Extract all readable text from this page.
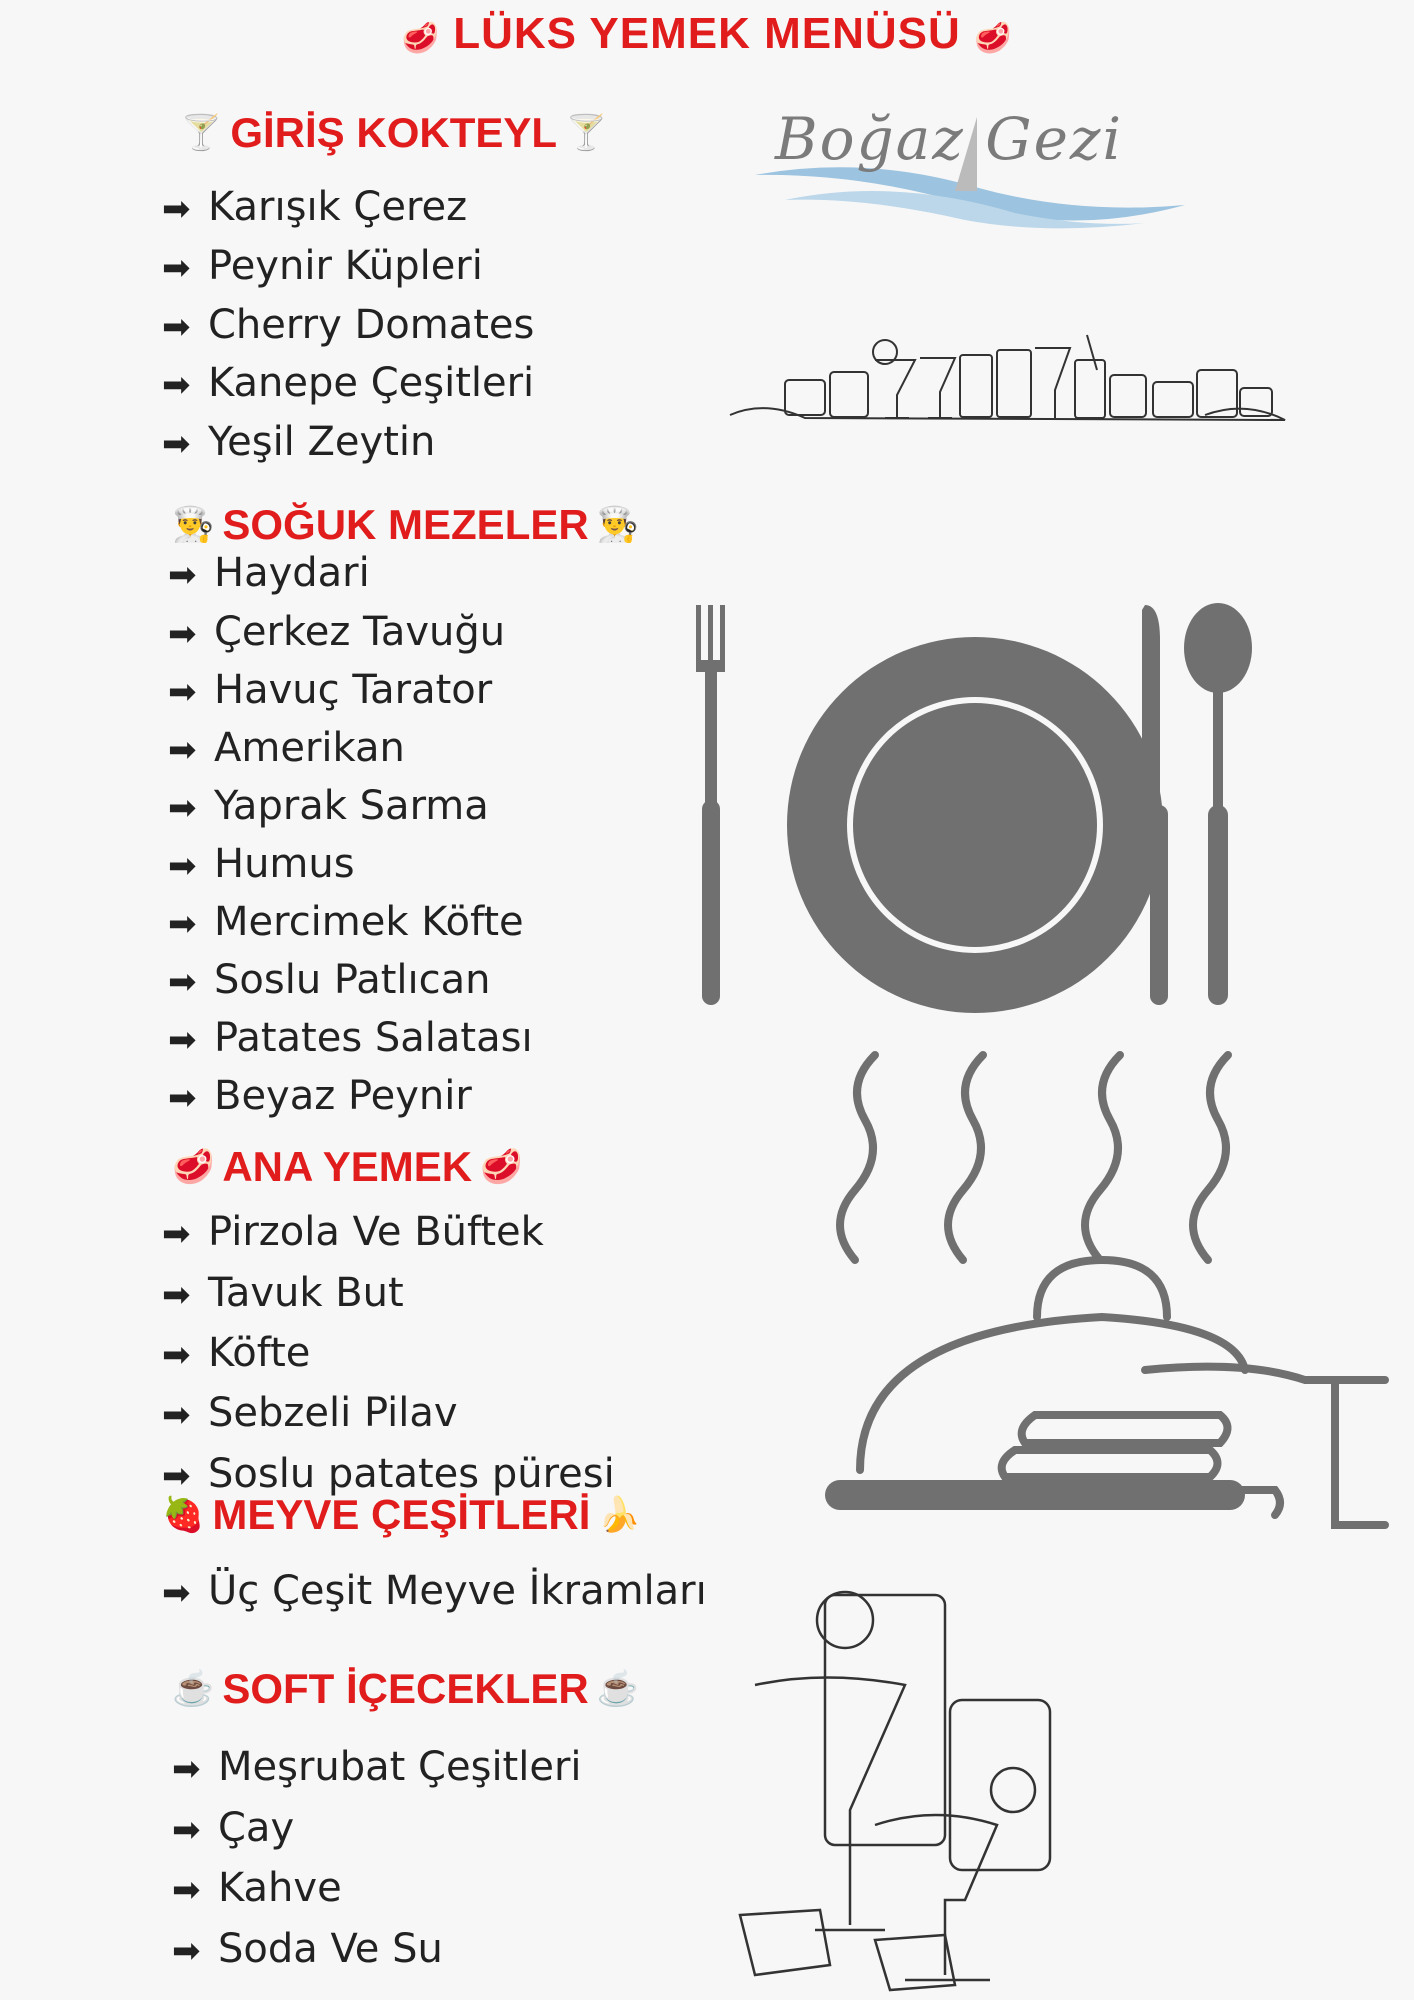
🥩 LÜKS YEMEK MENÜSÜ 🥩
Boğaz Gezi
🍸 GİRİŞ KOKTEYL 🍸
➡ Karışık Çerez
➡ Peynir Küpleri
➡ Cherry Domates
➡ Kanepe Çeşitleri
➡ Yeşil Zeytin
👨‍🍳 SOĞUK MEZELER 👨‍🍳
➡ Haydari
➡ Çerkez Tavuğu
➡ Havuç Tarator
➡ Amerikan
➡ Yaprak Sarma
➡ Humus
➡ Mercimek Köfte
➡ Soslu Patlıcan
➡ Patates Salatası
➡ Beyaz Peynir
🥩 ANA YEMEK 🥩
➡ Pirzola Ve Büftek
➡ Tavuk But
➡ Köfte
➡ Sebzeli Pilav
➡ Soslu patates püresi
🍓 MEYVE ÇEŞİTLERİ 🍌
➡ Üç Çeşit Meyve İkramları
☕ SOFT İÇECEKLER ☕
➡ Meşrubat Çeşitleri
➡ Çay
➡ Kahve
➡ Soda Ve Su
